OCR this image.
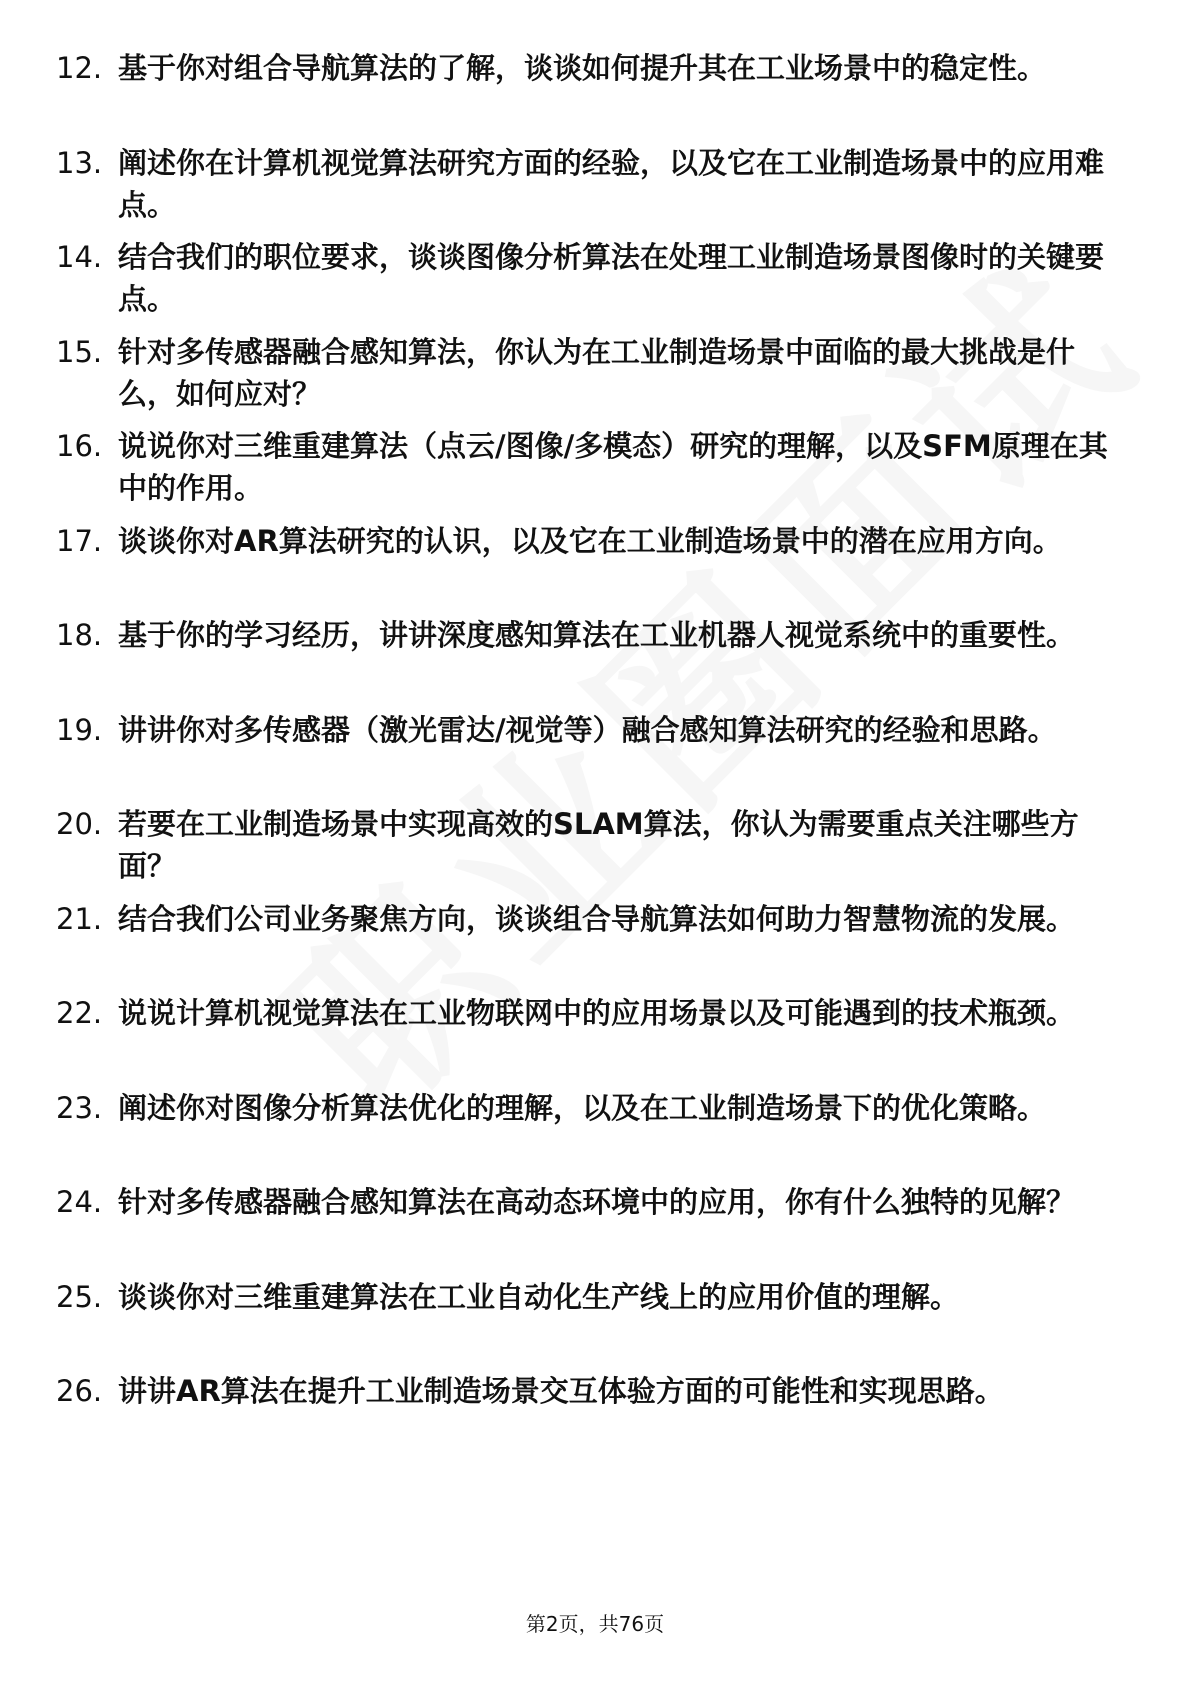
12. 基于你对组合导航算法的了解，谈谈如何提升其在工业场景中的稳定性。
13. 阐述你在计算机视觉算法研究方面的经验，以及它在工业制造场景中的应用难点。
14. 结合我们的职位要求，谈谈图像分析算法在处理工业制造场景图像时的关键要点。
15. 针对多传感器融合感知算法，你认为在工业制造场景中面临的最大挑战是什么，如何应对？
16. 说说你对三维重建算法（点云/图像/多模态）研究的理解，以及SFM原理在其中的作用。
17. 谈谈你对AR算法研究的认识，以及它在工业制造场景中的潜在应用方向。
18. 基于你的学习经历，讲讲深度感知算法在工业机器人视觉系统中的重要性。
19. 讲讲你对多传感器（激光雷达/视觉等）融合感知算法研究的经验和思路。
20. 若要在工业制造场景中实现高效的SLAM算法，你认为需要重点关注哪些方面？
21. 结合我们公司业务聚焦方向，谈谈组合导航算法如何助力智慧物流的发展。
22. 说说计算机视觉算法在工业物联网中的应用场景以及可能遇到的技术瓶颈。
23. 阐述你对图像分析算法优化的理解，以及在工业制造场景下的优化策略。
24. 针对多传感器融合感知算法在高动态环境中的应用，你有什么独特的见解？
25. 谈谈你对三维重建算法在工业自动化生产线上的应用价值的理解。
26. 讲讲AR算法在提升工业制造场景交互体验方面的可能性和实现思路。
第2页，共76页
